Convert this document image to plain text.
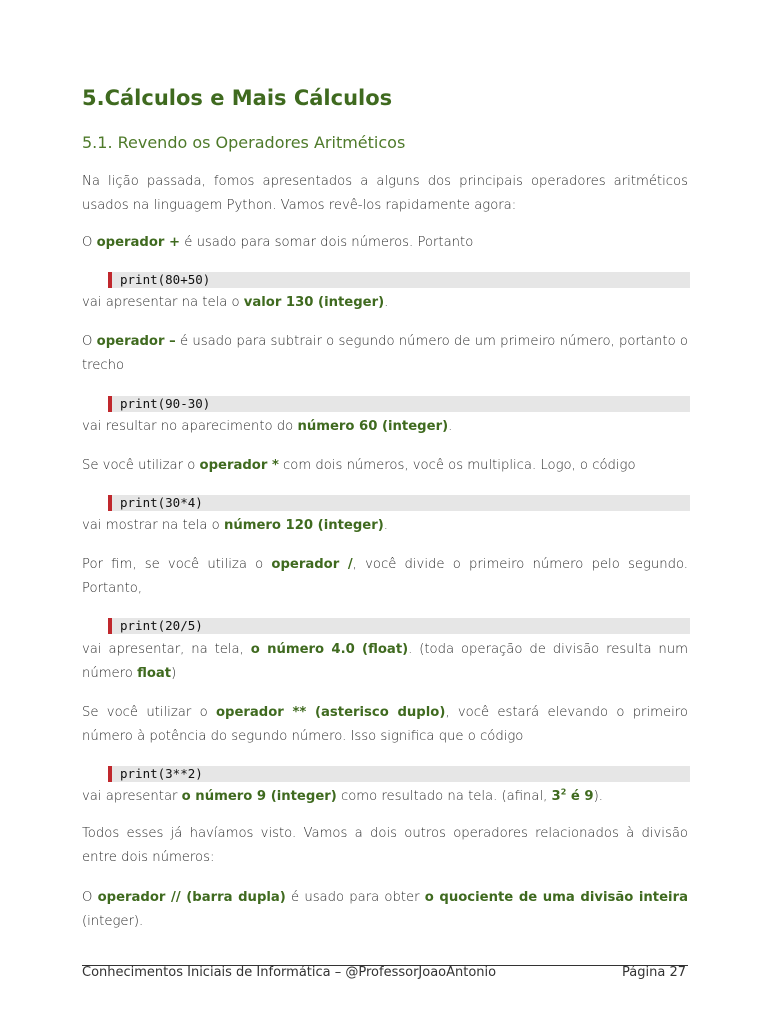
5.Cálculos e Mais Cálculos
5.1. Revendo os Operadores Aritméticos

Na lição passada, fomos apresentados a alguns dos principais operadores aritméticos usados na linguagem Python. Vamos revê-los rapidamente agora:

O operador + é usado para somar dois números. Portanto

print(80+50)

vai apresentar na tela o valor 130 (integer).

O operador – é usado para subtrair o segundo número de um primeiro número, portanto o trecho

print(90-30)

vai resultar no aparecimento do número 60 (integer).

Se você utilizar o operador * com dois números, você os multiplica. Logo, o código

print(30*4)

vai mostrar na tela o número 120 (integer).

Por fim, se você utiliza o operador /, você divide o primeiro número pelo segundo. Portanto,

print(20/5)

vai apresentar, na tela, o número 4.0 (float). (toda operação de divisão resulta num número float)

Se você utilizar o operador ** (asterisco duplo), você estará elevando o primeiro número à potência do segundo número. Isso significa que o código

print(3**2)

vai apresentar o número 9 (integer) como resultado na tela. (afinal, $3^2$ é 9).

Todos esses já havíamos visto. Vamos a dois outros operadores relacionados à divisão entre dois números:

O operador // (barra dupla) é usado para obter o quociente de uma divisão inteira (integer).

Conhecimentos Iniciais de Informática – @ProfessorJoaoAntonio	Página 27
